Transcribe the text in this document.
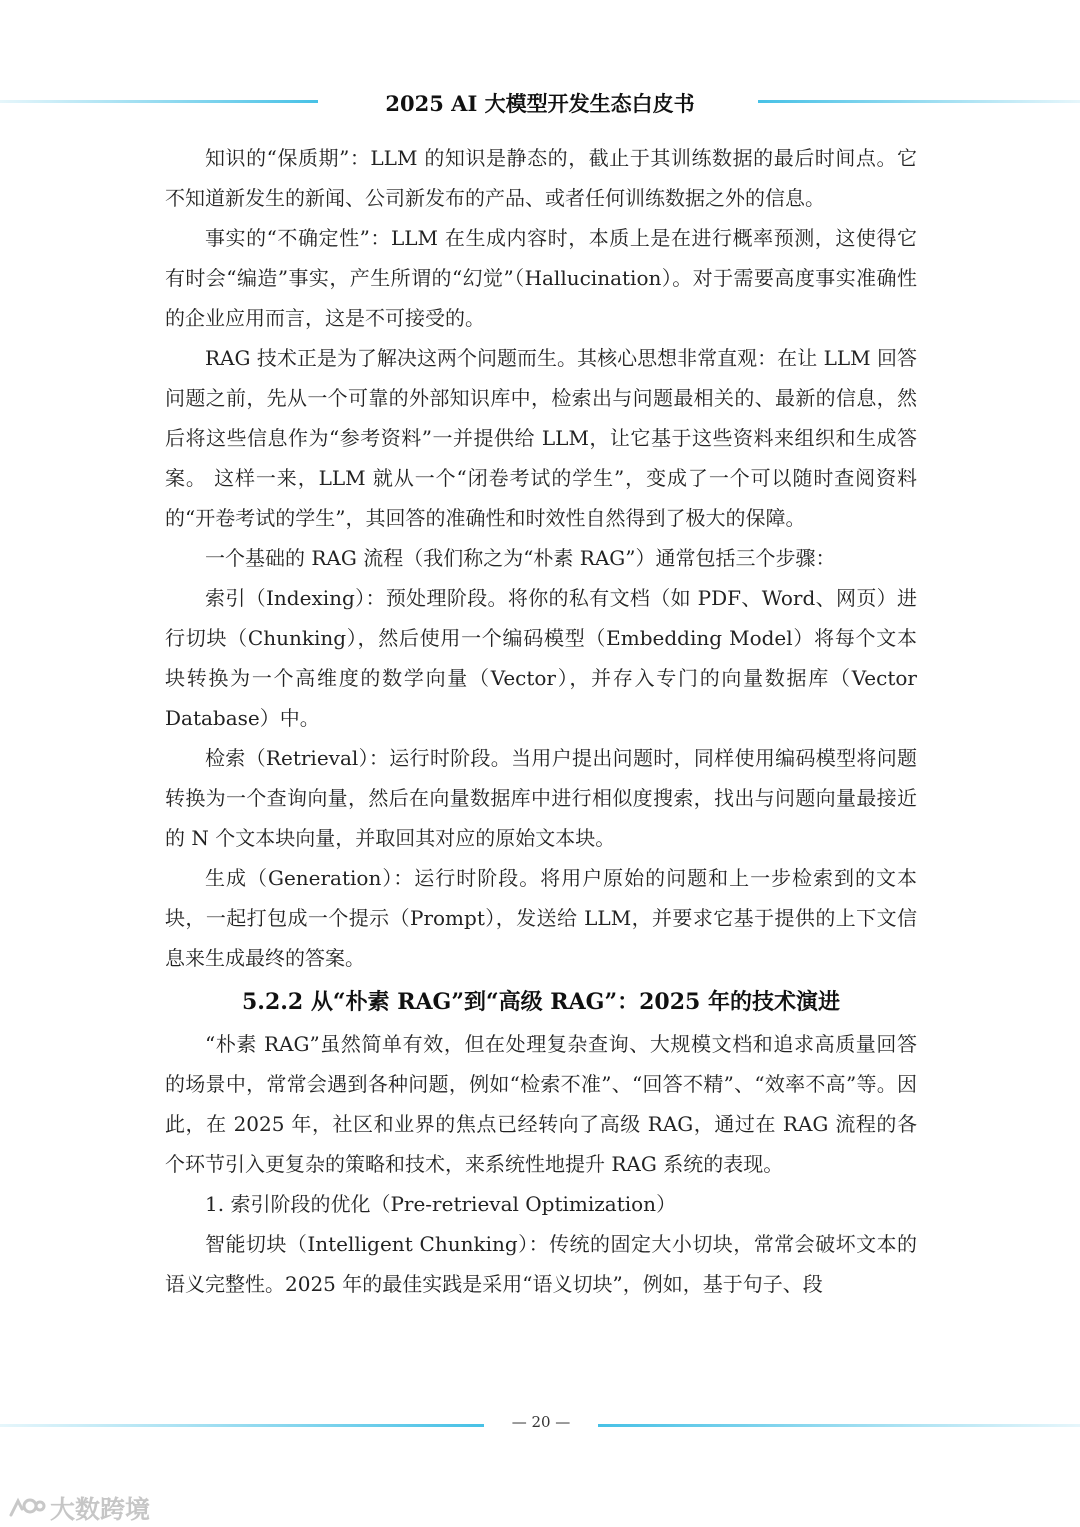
2025 AI 大模型开发生态白皮书

知识的“保质期”：LLM 的知识是静态的，截止于其训练数据的最后时间点。它不知道新发生的新闻、公司新发布的产品、或者任何训练数据之外的信息。

事实的“不确定性”：LLM 在生成内容时，本质上是在进行概率预测，这使得它有时会“编造”事实，产生所谓的“幻觉”（Hallucination）。对于需要高度事实准确性的企业应用而言，这是不可接受的。

RAG 技术正是为了解决这两个问题而生。其核心思想非常直观：在让 LLM 回答问题之前，先从一个可靠的外部知识库中，检索出与问题最相关的、最新的信息，然后将这些信息作为“参考资料”一并提供给 LLM，让它基于这些资料来组织和生成答案。 这样一来，LLM 就从一个“闭卷考试的学生”，变成了一个可以随时查阅资料的“开卷考试的学生”，其回答的准确性和时效性自然得到了极大的保障。

一个基础的 RAG 流程（我们称之为“朴素 RAG”）通常包括三个步骤：

索引（Indexing）：预处理阶段。将你的私有文档（如 PDF、Word、网页）进行切块（Chunking），然后使用一个编码模型（Embedding Model）将每个文本块转换为一个高维度的数学向量（Vector），并存入专门的向量数据库（Vector Database）中。

检索（Retrieval）：运行时阶段。当用户提出问题时，同样使用编码模型将问题转换为一个查询向量，然后在向量数据库中进行相似度搜索，找出与问题向量最接近的 N 个文本块向量，并取回其对应的原始文本块。

生成（Generation）：运行时阶段。将用户原始的问题和上一步检索到的文本块，一起打包成一个提示（Prompt），发送给 LLM，并要求它基于提供的上下文信息来生成最终的答案。

5.2.2 从“朴素 RAG”到“高级 RAG”：2025 年的技术演进

“朴素 RAG”虽然简单有效，但在处理复杂查询、大规模文档和追求高质量回答的场景中，常常会遇到各种问题，例如“检索不准”、“回答不精”、“效率不高”等。因此，在 2025 年，社区和业界的焦点已经转向了高级 RAG，通过在 RAG 流程的各个环节引入更复杂的策略和技术，来系统性地提升 RAG 系统的表现。

1. 索引阶段的优化（Pre-retrieval Optimization）

智能切块（Intelligent Chunking）：传统的固定大小切块，常常会破坏文本的语义完整性。2025 年的最佳实践是采用“语义切块”，例如，基于句子、段

— 20 —
大数跨境
